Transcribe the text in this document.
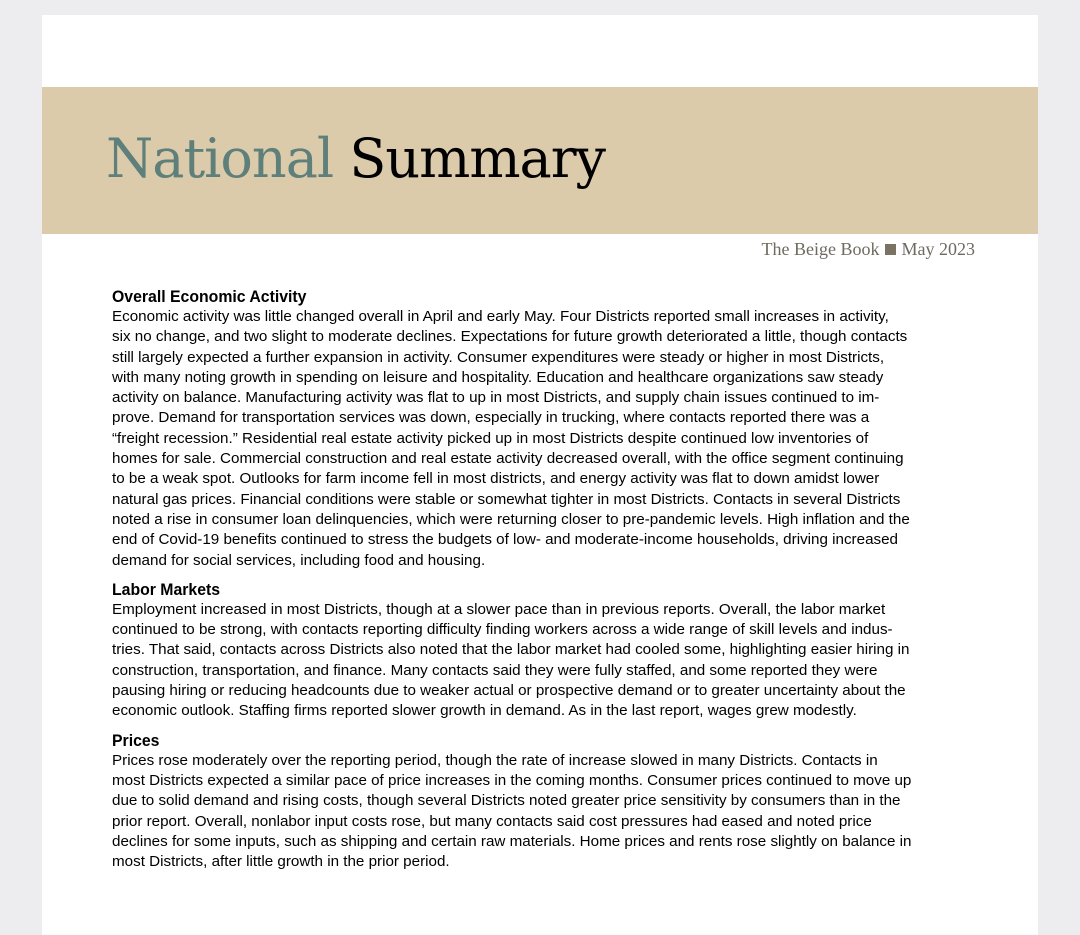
National Summary
The Beige Book May 2023
Overall Economic Activity
Economic activity was little changed overall in April and early May. Four Districts reported small increases in activity,
six no change, and two slight to moderate declines. Expectations for future growth deteriorated a little, though contacts
still largely expected a further expansion in activity. Consumer expenditures were steady or higher in most Districts,
with many noting growth in spending on leisure and hospitality. Education and healthcare organizations saw steady
activity on balance. Manufacturing activity was flat to up in most Districts, and supply chain issues continued to im-
prove. Demand for transportation services was down, especially in trucking, where contacts reported there was a
“freight recession.” Residential real estate activity picked up in most Districts despite continued low inventories of
homes for sale. Commercial construction and real estate activity decreased overall, with the office segment continuing
to be a weak spot. Outlooks for farm income fell in most districts, and energy activity was flat to down amidst lower
natural gas prices. Financial conditions were stable or somewhat tighter in most Districts. Contacts in several Districts
noted a rise in consumer loan delinquencies, which were returning closer to pre-pandemic levels. High inflation and the
end of Covid-19 benefits continued to stress the budgets of low- and moderate-income households, driving increased
demand for social services, including food and housing.
Labor Markets
Employment increased in most Districts, though at a slower pace than in previous reports. Overall, the labor market
continued to be strong, with contacts reporting difficulty finding workers across a wide range of skill levels and indus-
tries. That said, contacts across Districts also noted that the labor market had cooled some, highlighting easier hiring in
construction, transportation, and finance. Many contacts said they were fully staffed, and some reported they were
pausing hiring or reducing headcounts due to weaker actual or prospective demand or to greater uncertainty about the
economic outlook. Staffing firms reported slower growth in demand. As in the last report, wages grew modestly.
Prices
Prices rose moderately over the reporting period, though the rate of increase slowed in many Districts. Contacts in
most Districts expected a similar pace of price increases in the coming months. Consumer prices continued to move up
due to solid demand and rising costs, though several Districts noted greater price sensitivity by consumers than in the
prior report. Overall, nonlabor input costs rose, but many contacts said cost pressures had eased and noted price
declines for some inputs, such as shipping and certain raw materials. Home prices and rents rose slightly on balance in
most Districts, after little growth in the prior period.
